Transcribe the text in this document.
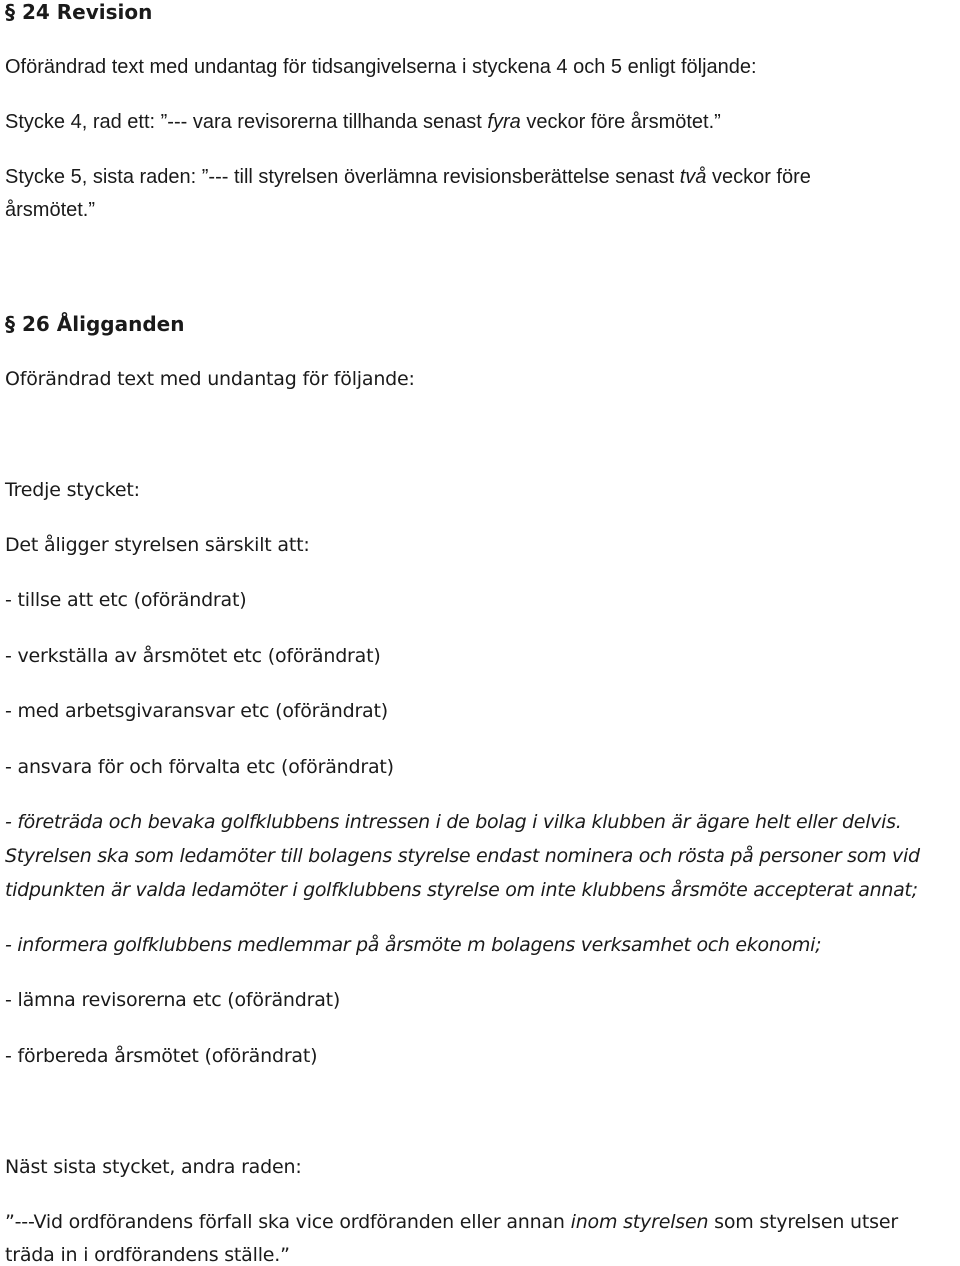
§ 24 Revision
Oförändrad text med undantag för tidsangivelserna i styckena 4 och 5 enligt följande:
Stycke 4, rad ett: ”--- vara revisorerna tillhanda senast fyra veckor före årsmötet.”
Stycke 5, sista raden: ”--- till styrelsen överlämna revisionsberättelse senast två veckor före
årsmötet.”
§ 26 Åligganden
Oförändrad text med undantag för följande:
Tredje stycket:
Det åligger styrelsen särskilt att:
- tillse att etc (oförändrat)
- verkställa av årsmötet etc (oförändrat)
- med arbetsgivaransvar etc (oförändrat)
- ansvara för och förvalta etc (oförändrat)
- företräda och bevaka golfklubbens intressen i de bolag i vilka klubben är ägare helt eller delvis.
Styrelsen ska som ledamöter till bolagens styrelse endast nominera och rösta på personer som vid
tidpunkten är valda ledamöter i golfklubbens styrelse om inte klubbens årsmöte accepterat annat;
- informera golfklubbens medlemmar på årsmöte m bolagens verksamhet och ekonomi;
- lämna revisorerna etc (oförändrat)
- förbereda årsmötet (oförändrat)
Näst sista stycket, andra raden:
”---Vid ordförandens förfall ska vice ordföranden eller annan inom styrelsen som styrelsen utser
träda in i ordförandens ställe.”
